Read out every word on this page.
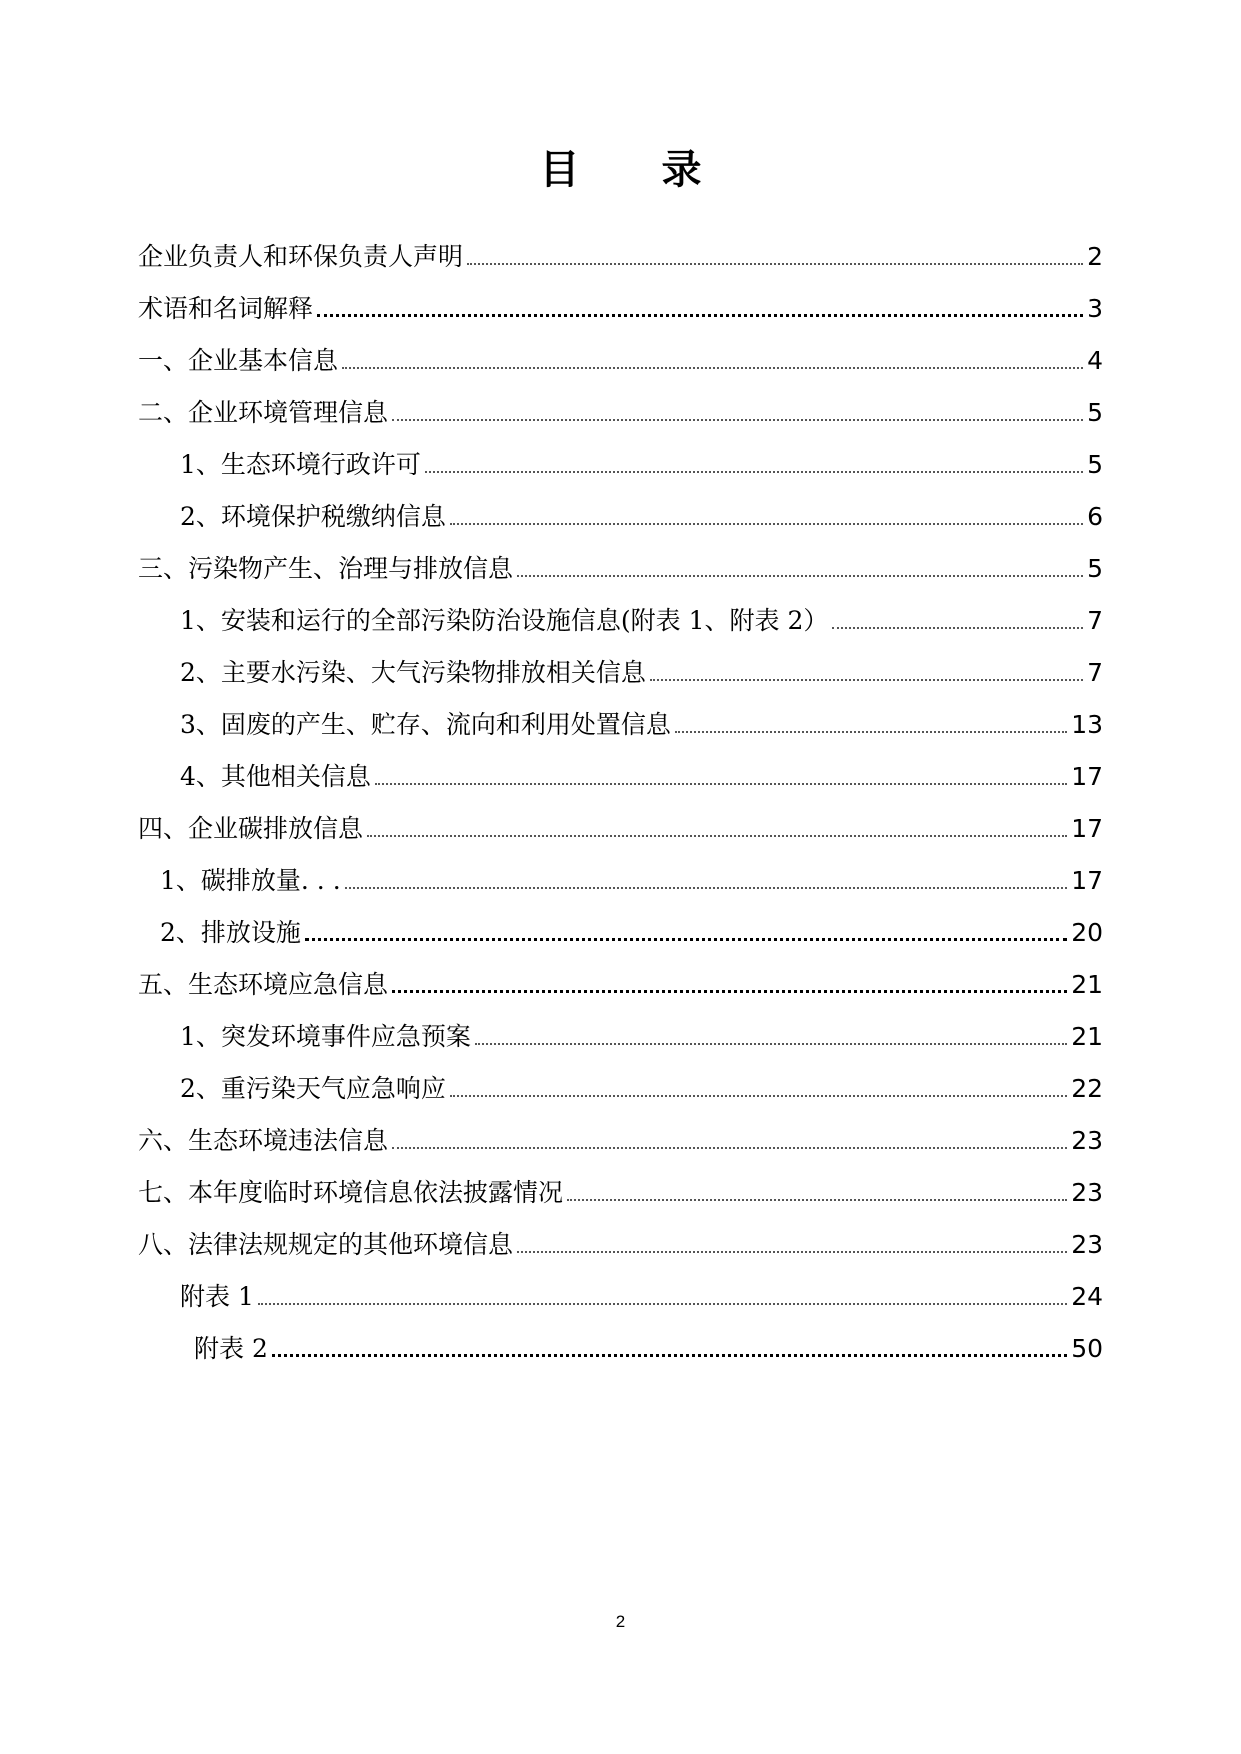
目 录
企业负责人和环保负责人声明	2
术语和名词解释	3
一、企业基本信息	4
二、企业环境管理信息	5
1、生态环境行政许可	5
2、环境保护税缴纳信息	6
三、污染物产生、治理与排放信息	5
1、安装和运行的全部污染防治设施信息(附表 1、附表 2）	7
2、主要水污染、大气污染物排放相关信息	7
3、固废的产生、贮存、流向和利用处置信息	13
4、其他相关信息	17
四、企业碳排放信息	17
1、碳排放量. . .	17
2、排放设施	20
五、生态环境应急信息	21
1、突发环境事件应急预案	21
2、重污染天气应急响应	22
六、生态环境违法信息	23
七、本年度临时环境信息依法披露情况	23
八、法律法规规定的其他环境信息	23
附表 1	24
附表 2	50
2
